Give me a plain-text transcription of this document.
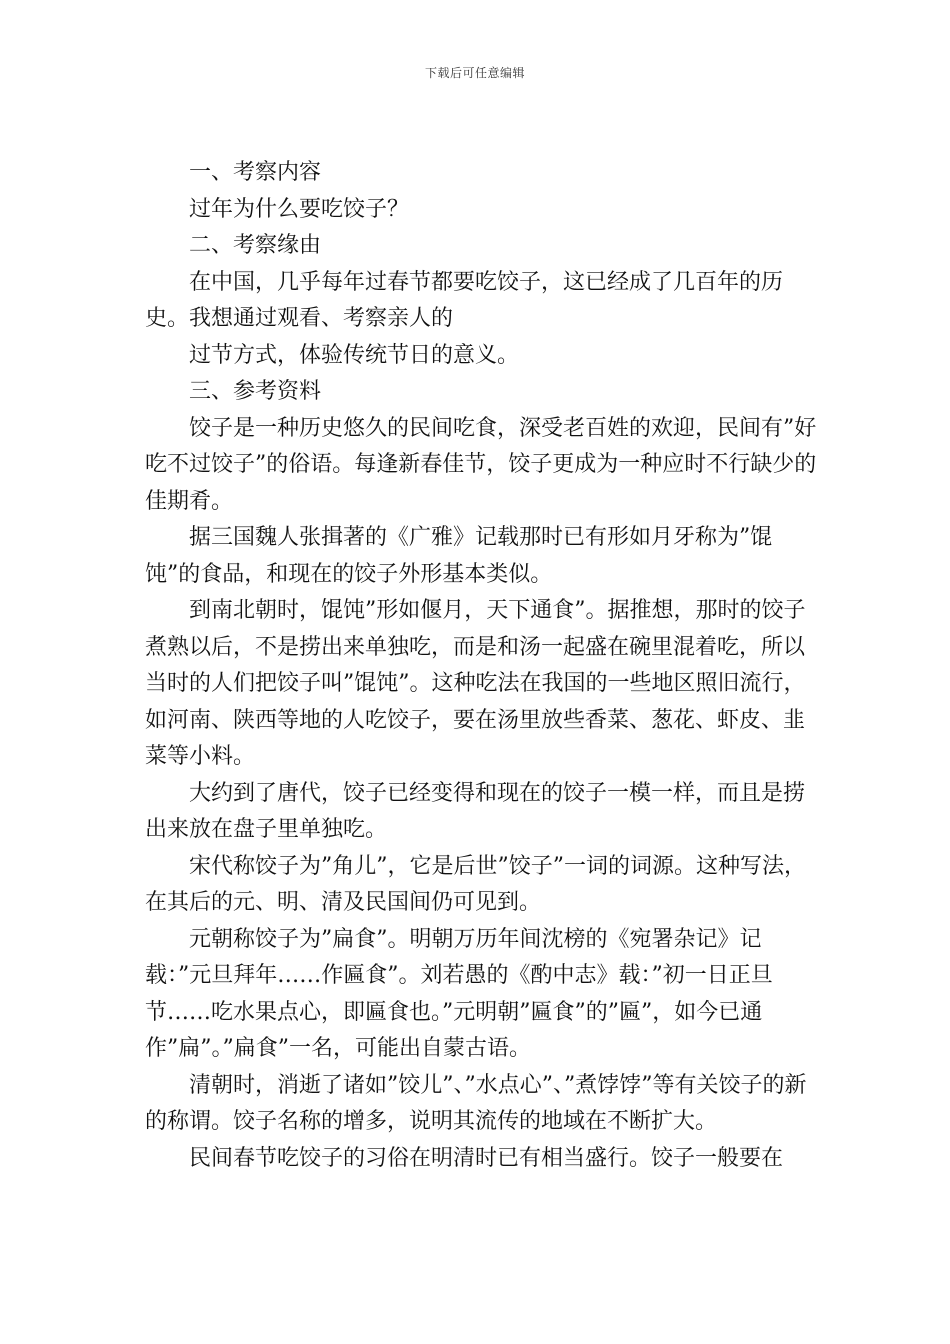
下载后可任意编辑

一、考察内容

过年为什么要吃饺子？

二、考察缘由

在中国，几乎每年过春节都要吃饺子，这已经成了几百年的历史。我想通过观看、考察亲人的

过节方式，体验传统节日的意义。

三、参考资料

饺子是一种历史悠久的民间吃食，深受老百姓的欢迎，民间有”好吃不过饺子”的俗语。每逢新春佳节，饺子更成为一种应时不行缺少的佳期肴。

据三国魏人张揖著的《广雅》记载那时已有形如月牙称为”馄饨”的食品，和现在的饺子外形基本类似。

到南北朝时，馄饨”形如偃月，天下通食”。据推想，那时的饺子煮熟以后，不是捞出来单独吃，而是和汤一起盛在碗里混着吃，所以当时的人们把饺子叫”馄饨”。这种吃法在我国的一些地区照旧流行，如河南、陕西等地的人吃饺子，要在汤里放些香菜、葱花、虾皮、韭菜等小料。

大约到了唐代，饺子已经变得和现在的饺子一模一样，而且是捞出来放在盘子里单独吃。

宋代称饺子为”角儿”，它是后世”饺子”一词的词源。这种写法，在其后的元、明、清及民国间仍可见到。

元朝称饺子为”扁食”。明朝万历年间沈榜的《宛署杂记》记载：”元旦拜年……作匾食”。刘若愚的《酌中志》载：”初一日正旦节……吃水果点心，即匾食也。”元明朝”匾食”的”匾”，如今已通作”扁”。”扁食”一名，可能出自蒙古语。

清朝时，消逝了诸如”饺儿”、”水点心”、”煮饽饽”等有关饺子的新的称谓。饺子名称的增多，说明其流传的地域在不断扩大。

民间春节吃饺子的习俗在明清时已有相当盛行。饺子一般要在
